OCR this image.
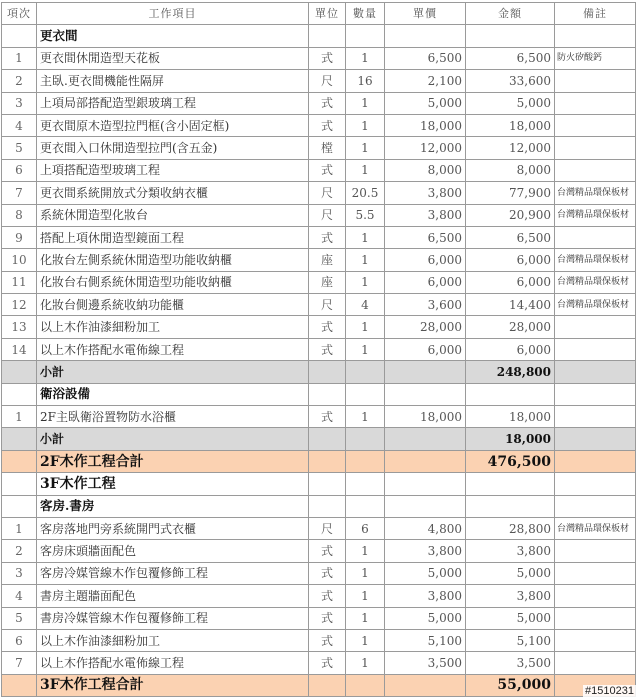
項次	工作項目	單位	數量	單價	金額	備註
	更衣間					
1	更衣間休閒造型天花板	式	1	6,500	6,500	防火矽酸鈣
2	主臥.更衣間機能性隔屏	尺	16	2,100	33,600	
3	上項局部搭配造型銀玻璃工程	式	1	5,000	5,000	
4	更衣間原木造型拉門框(含小固定框)	式	1	18,000	18,000	
5	更衣間入口休閒造型拉門(含五金)	樘	1	12,000	12,000	
6	上項搭配造型玻璃工程	式	1	8,000	8,000	
7	更衣間系統開放式分類收納衣櫃	尺	20.5	3,800	77,900	台灣精品環保板材
8	系統休閒造型化妝台	尺	5.5	3,800	20,900	台灣精品環保板材
9	搭配上項休閒造型鏡面工程	式	1	6,500	6,500	
10	化妝台左側系統休閒造型功能收納櫃	座	1	6,000	6,000	台灣精品環保板材
11	化妝台右側系統休閒造型功能收納櫃	座	1	6,000	6,000	台灣精品環保板材
12	化妝台側邊系統收納功能櫃	尺	4	3,600	14,400	台灣精品環保板材
13	以上木作油漆細粉加工	式	1	28,000	28,000	
14	以上木作搭配水電佈線工程	式	1	6,000	6,000	
	小計				248,800	
	衛浴設備					
1	2F主臥衛浴置物防水浴櫃	式	1	18,000	18,000	
	小計				18,000	
	2F木作工程合計				476,500	
	3F木作工程					
	客房.書房					
1	客房落地門旁系統開門式衣櫃	尺	6	4,800	28,800	台灣精品環保板材
2	客房床頭牆面配色	式	1	3,800	3,800	
3	客房冷媒管線木作包覆修飾工程	式	1	5,000	5,000	
4	書房主題牆面配色	式	1	3,800	3,800	
5	書房冷媒管線木作包覆修飾工程	式	1	5,000	5,000	
6	以上木作油漆細粉加工	式	1	5,100	5,100	
7	以上木作搭配水電佈線工程	式	1	3,500	3,500	
	3F木作工程合計				55,000		#1510231
